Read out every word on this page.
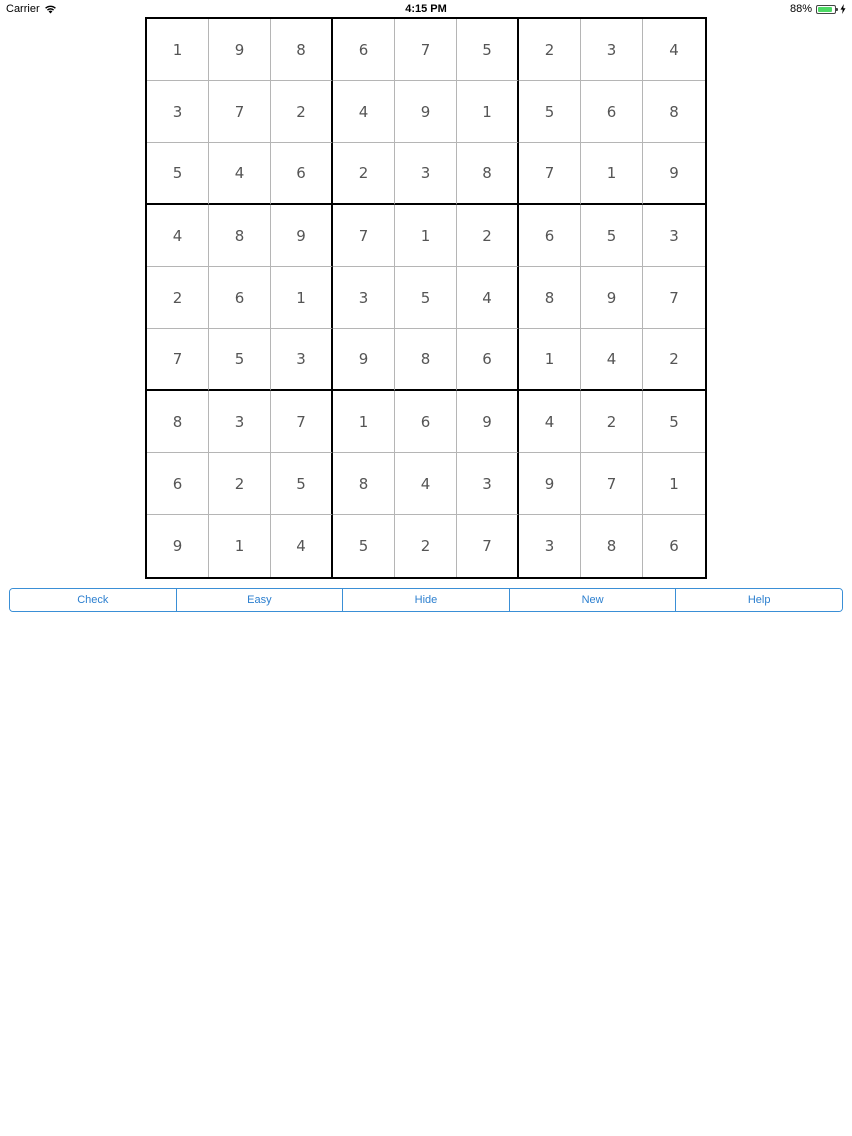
Carrier	4:15 PM	88%
1	9	8	6	7	5	2	3	4
3	7	2	4	9	1	5	6	8
5	4	6	2	3	8	7	1	9
4	8	9	7	1	2	6	5	3
2	6	1	3	5	4	8	9	7
7	5	3	9	8	6	1	4	2
8	3	7	1	6	9	4	2	5
6	2	5	8	4	3	9	7	1
9	1	4	5	2	7	3	8	6
Check	Easy	Hide	New	Help
